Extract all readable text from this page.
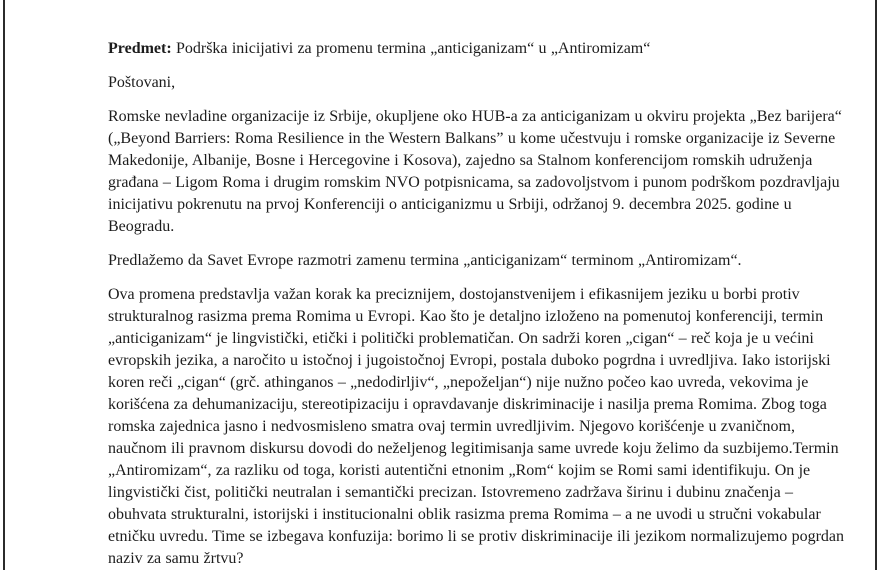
Predmet: Podrška inicijativi za promenu termina „anticiganizam“ u „Antiromizam“

Poštovani,

Romske nevladine organizacije iz Srbije, okupljene oko HUB-a za anticiganizam u okviru projekta „Bez barijera“ („Beyond Barriers: Roma Resilience in the Western Balkans” u kome učestvuju i romske organizacije iz Severne Makedonije, Albanije, Bosne i Hercegovine i Kosova), zajedno sa Stalnom konferencijom romskih udruženja građana – Ligom Roma i drugim romskim NVO potpisnicama, sa zadovoljstvom i punom podrškom pozdravljaju inicijativu pokrenutu na prvoj Konferenciji o anticiganizmu u Srbiji, održanoj 9. decembra 2025. godine u Beogradu.

Predlažemo da Savet Evrope razmotri zamenu termina „anticiganizam“ terminom „Antiromizam“.

Ova promena predstavlja važan korak ka preciznijem, dostojanstvenijem i efikasnijem jeziku u borbi protiv strukturalnog rasizma prema Romima u Evropi. Kao što je detaljno izloženo na pomenutoj konferenciji, termin „anticiganizam“ je lingvistički, etički i politički problematičan. On sadrži koren „cigan“ – reč koja je u većini evropskih jezika, a naročito u istočnoj i jugoistočnoj Evropi, postala duboko pogrdna i uvredljiva. Iako istorijski koren reči „cigan“ (grč. athinganos – „nedodirljiv“, „nepoželjan“) nije nužno počeo kao uvreda, vekovima je korišćena za dehumanizaciju, stereotipizaciju i opravdavanje diskriminacije i nasilja prema Romima. Zbog toga romska zajednica jasno i nedvosmisleno smatra ovaj termin uvredljivim. Njegovo korišćenje u zvaničnom, naučnom ili pravnom diskursu dovodi do neželjenog legitimisanja same uvrede koju želimo da suzbijemo.Termin „Antiromizam“, za razliku od toga, koristi autentični etnonim „Rom“ kojim se Romi sami identifikuju. On je lingvistički čist, politički neutralan i semantički precizan. Istovremeno zadržava širinu i dubinu značenja – obuhvata strukturalni, istorijski i institucionalni oblik rasizma prema Romima – a ne uvodi u stručni vokabular etničku uvredu. Time se izbegava konfuzija: borimo li se protiv diskriminacije ili jezikom normalizujemo pogrdan naziv za samu žrtvu?
